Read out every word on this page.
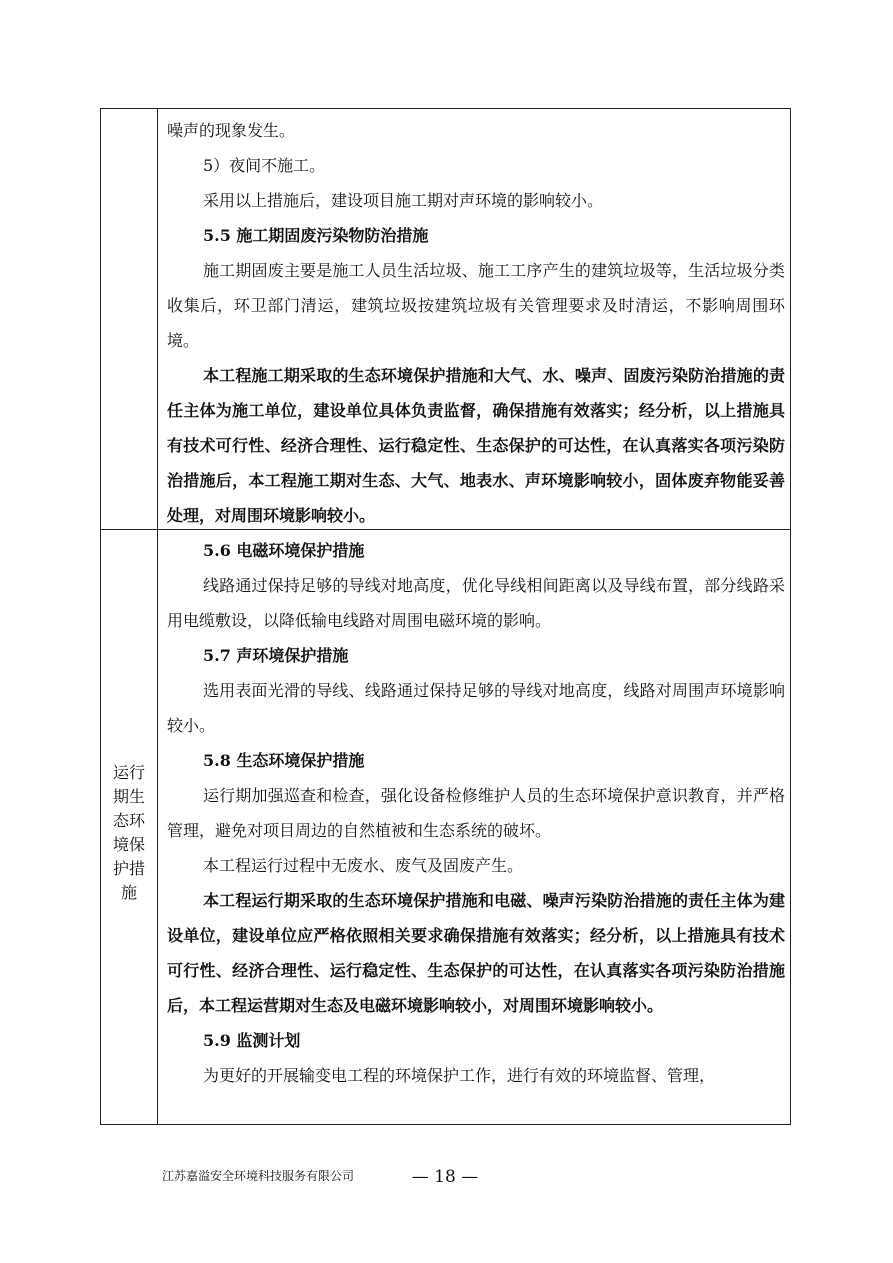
运行
期生
态环
境保
护措
施

噪声的现象发生。

5）夜间不施工。

采用以上措施后，建设项目施工期对声环境的影响较小。

5.5 施工期固废污染物防治措施

施工期固废主要是施工人员生活垃圾、施工工序产生的建筑垃圾等，生活垃圾分类收集后，环卫部门清运，建筑垃圾按建筑垃圾有关管理要求及时清运，不影响周围环境。

本工程施工期采取的生态环境保护措施和大气、水、噪声、固废污染防治措施的责任主体为施工单位，建设单位具体负责监督，确保措施有效落实；经分析，以上措施具有技术可行性、经济合理性、运行稳定性、生态保护的可达性，在认真落实各项污染防治措施后，本工程施工期对生态、大气、地表水、声环境影响较小，固体废弃物能妥善处理，对周围环境影响较小。

5.6 电磁环境保护措施

线路通过保持足够的导线对地高度，优化导线相间距离以及导线布置，部分线路采用电缆敷设，以降低输电线路对周围电磁环境的影响。

5.7 声环境保护措施

选用表面光滑的导线、线路通过保持足够的导线对地高度，线路对周围声环境影响较小。

5.8 生态环境保护措施

运行期加强巡查和检查，强化设备检修维护人员的生态环境保护意识教育，并严格管理，避免对项目周边的自然植被和生态系统的破坏。

本工程运行过程中无废水、废气及固废产生。

本工程运行期采取的生态环境保护措施和电磁、噪声污染防治措施的责任主体为建设单位，建设单位应严格依照相关要求确保措施有效落实；经分析，以上措施具有技术可行性、经济合理性、运行稳定性、生态保护的可达性，在认真落实各项污染防治措施后，本工程运营期对生态及电磁环境影响较小，对周围环境影响较小。

5.9 监测计划

为更好的开展输变电工程的环境保护工作，进行有效的环境监督、管理，

江苏嘉溢安全环境科技服务有限公司	— 18 —
